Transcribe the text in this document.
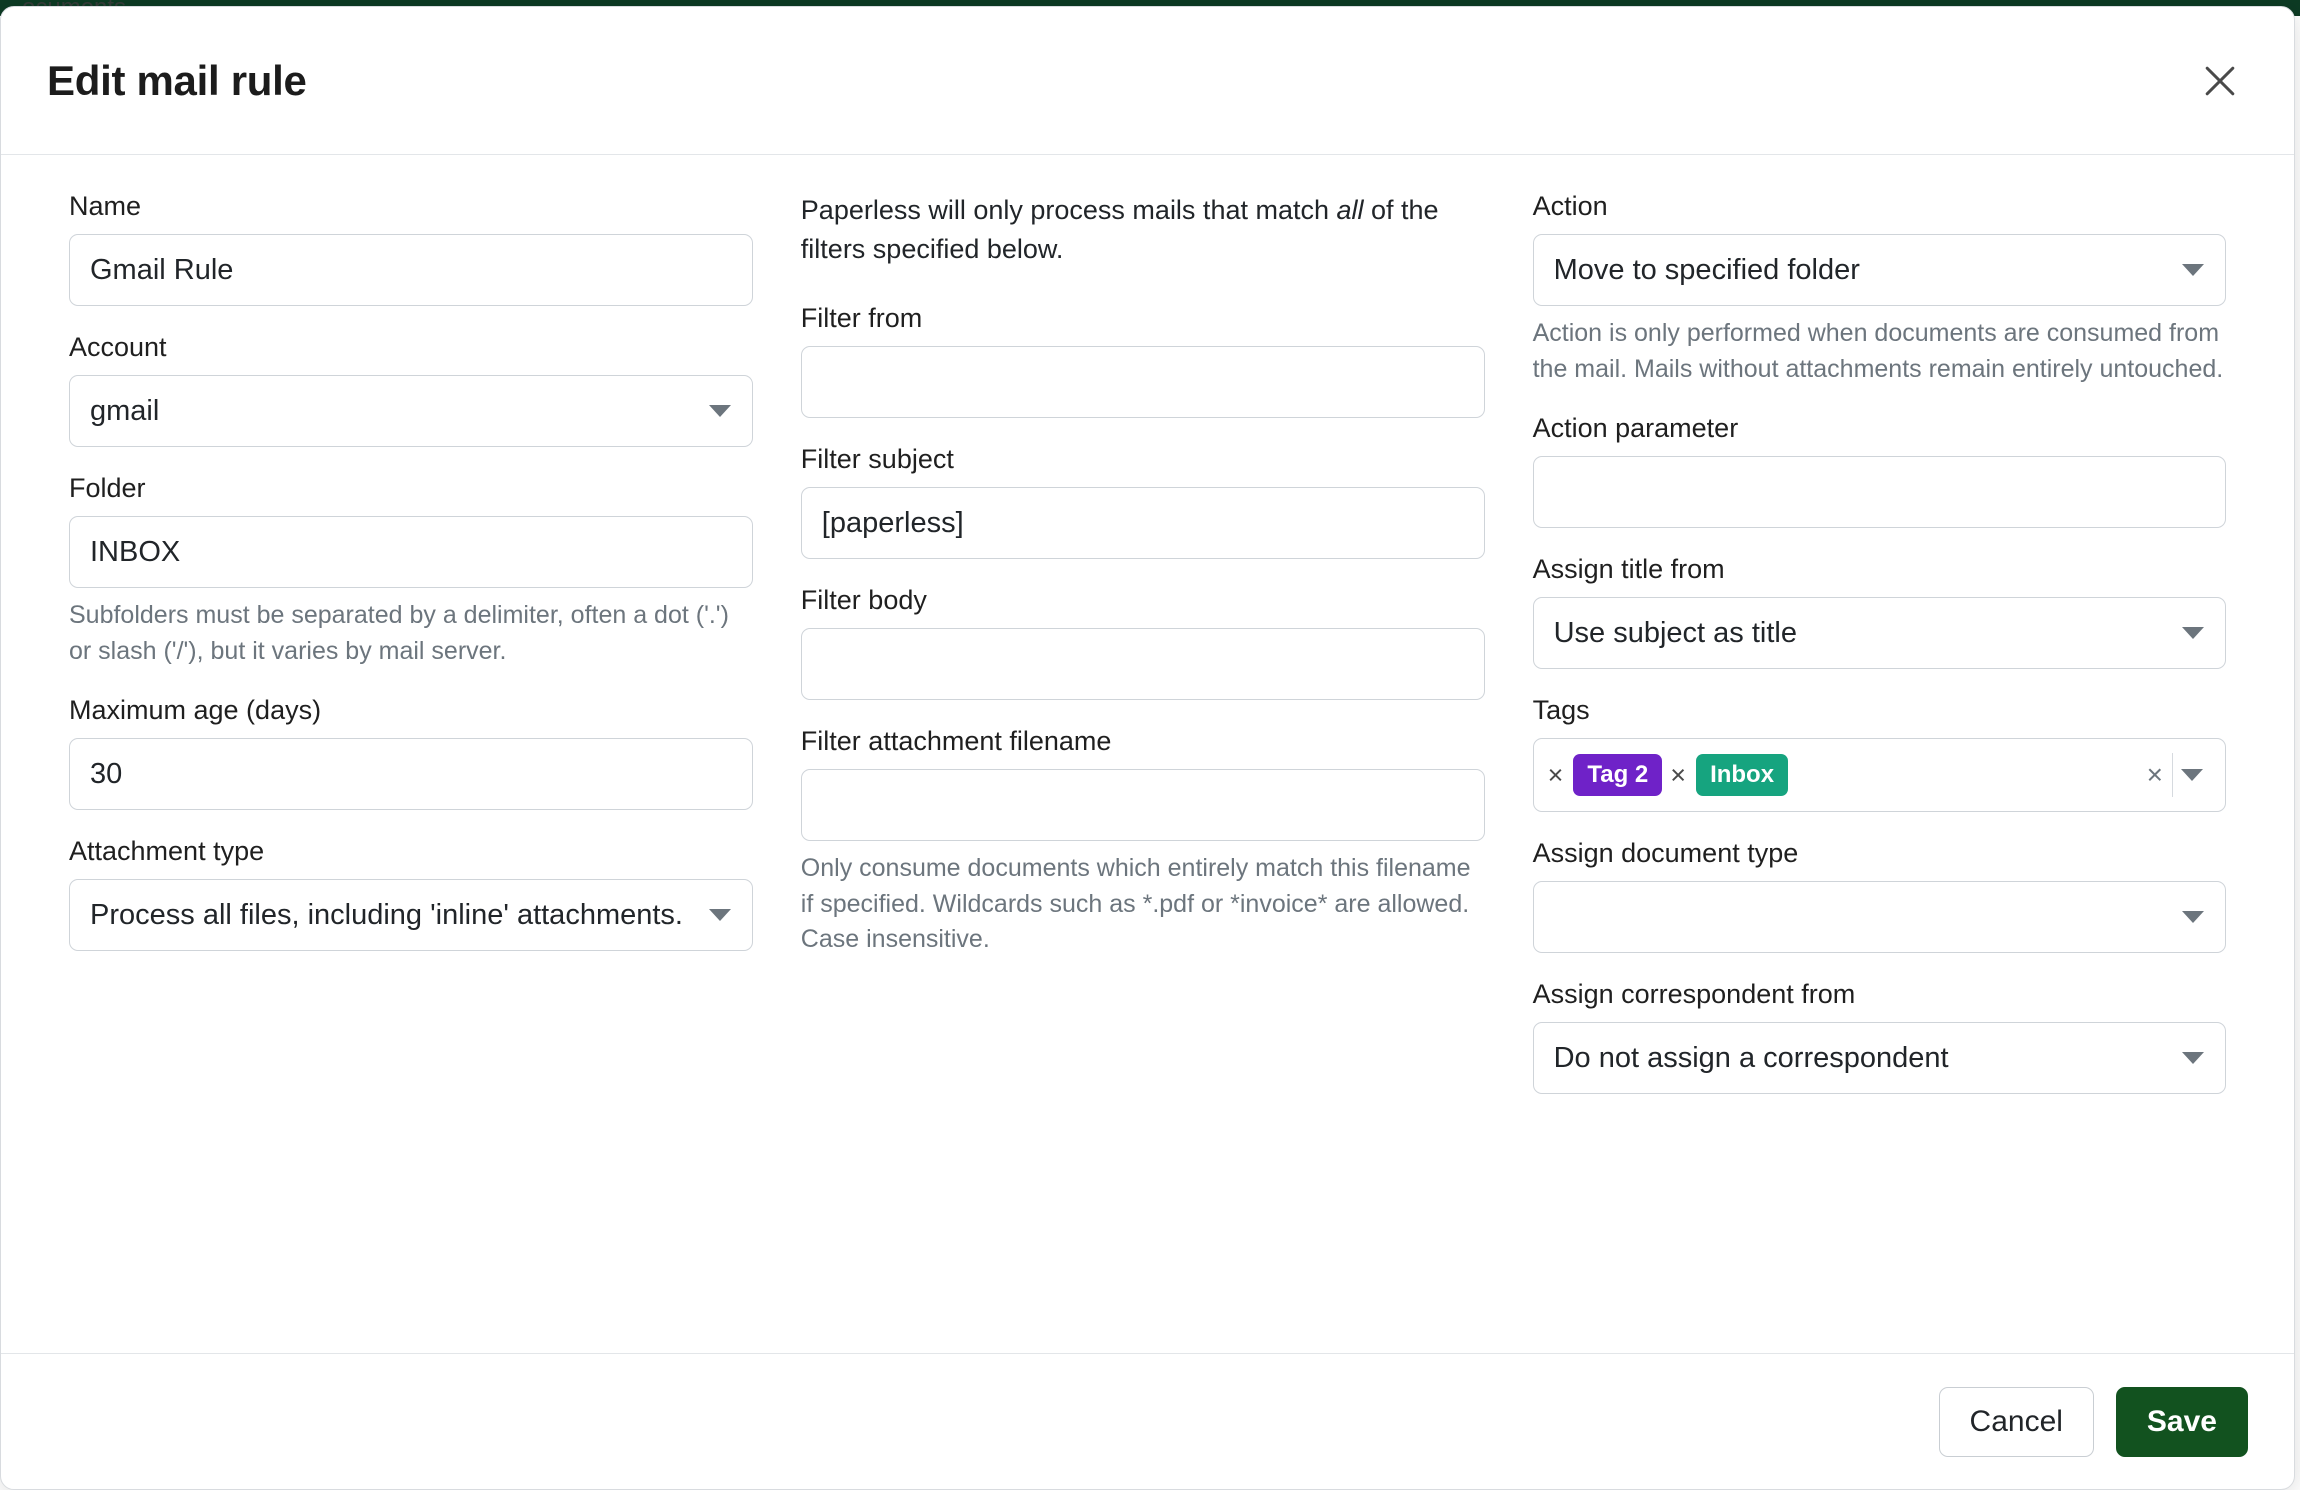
Edit mail rule
Name
Gmail Rule
Account
gmail
Folder
INBOX
Subfolders must be separated by a delimiter, often a dot ('.') or slash ('/'), but it varies by mail server.
Maximum age (days)
30
Attachment type
Process all files, including 'inline' attachments.
Paperless will only process mails that match all of the filters specified below.
Filter from
Filter subject
[paperless]
Filter body
Filter attachment filename
Only consume documents which entirely match this filename if specified. Wildcards such as *.pdf or *invoice* are allowed. Case insensitive.
Action
Move to specified folder
Action is only performed when documents are consumed from the mail. Mails without attachments remain entirely untouched.
Action parameter
Assign title from
Use subject as title
Tags
×	Tag 2 ×	Inbox	×
Assign document type
Assign correspondent from
Do not assign a correspondent
Cancel	Save
